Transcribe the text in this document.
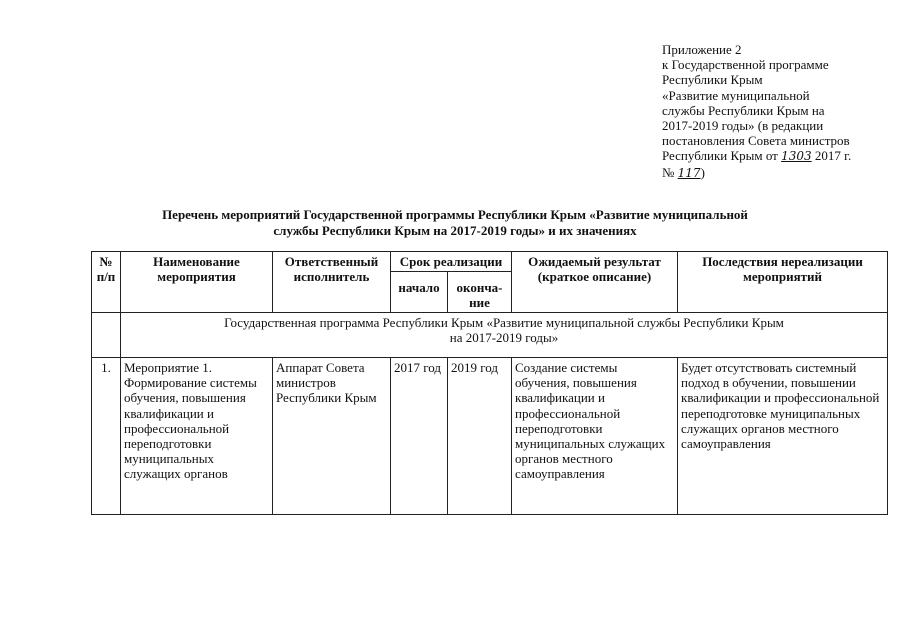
Приложение 2
к Государственной программе
Республики Крым
«Развитие муниципальной
службы Республики Крым на
2017-2019 годы» (в редакции
постановления Совета министров
Республики Крым от 1303 2017 г.
№ 117)
Перечень мероприятий Государственной программы Республики Крым «Развитие муниципальной
службы Республики Крым на 2017-2019 годы» и их значениях
№ п/п	Наименование мероприятия	Ответственный исполнитель	Срок реализации		Ожидаемый результат (краткое описание)	Последствия нереализации мероприятий
			начало	оконча-ние		

	Государственная программа Республики Крым «Развитие муниципальной службы Республики Крым
на 2017-2019 годы»					

1.	Мероприятие 1. Формирование системы обучения, повышения квалификации и профессиональной переподготовки муниципальных служащих органов	Аппарат Совета министров Республики Крым	2017 год	2019 год	Создание системы обучения, повышения квалификации и профессиональной переподготовки муниципальных служащих органов местного самоуправления	Будет отсутствовать системный подход в обучении, повышении квалификации и профессиональной переподготовке муниципальных служащих органов местного самоуправления
